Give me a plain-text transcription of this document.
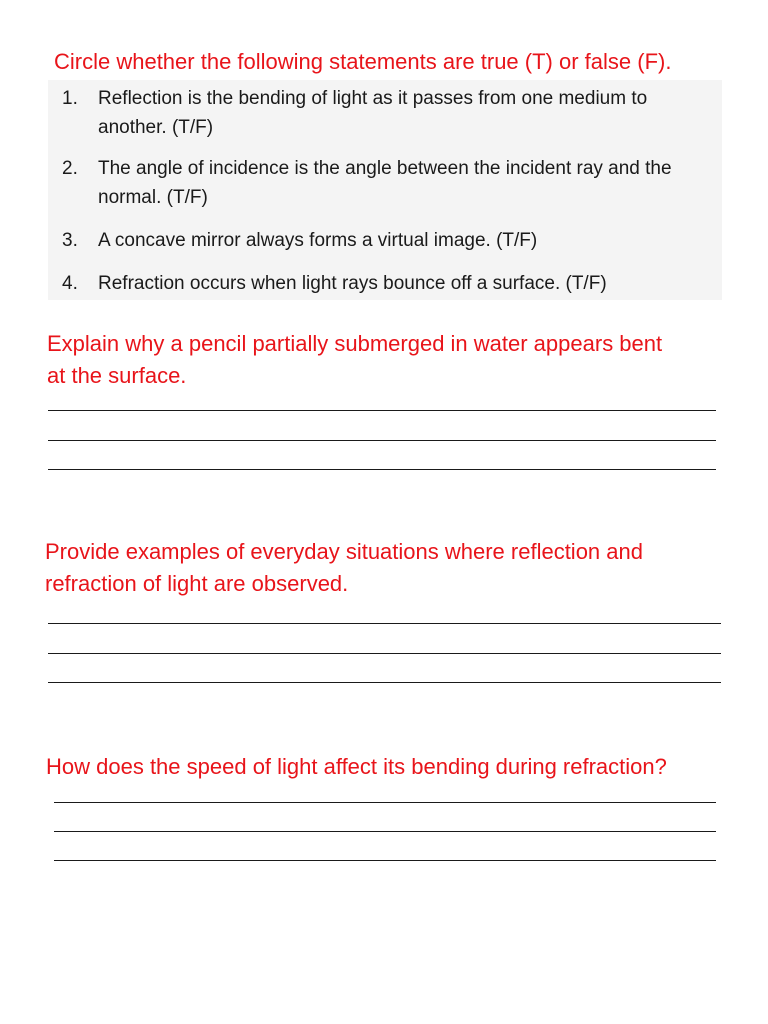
Circle whether the following statements are true (T) or false (F).
1.	Reflection is the bending of light as it passes from one medium to another. (T/F)
2.	The angle of incidence is the angle between the incident ray and the normal. (T/F)
3.	A concave mirror always forms a virtual image. (T/F)
4.	Refraction occurs when light rays bounce off a surface. (T/F)
Explain why a pencil partially submerged in water appears bent
at the surface.
Provide examples of everyday situations where reflection and
refraction of light are observed.
How does the speed of light affect its bending during refraction?
